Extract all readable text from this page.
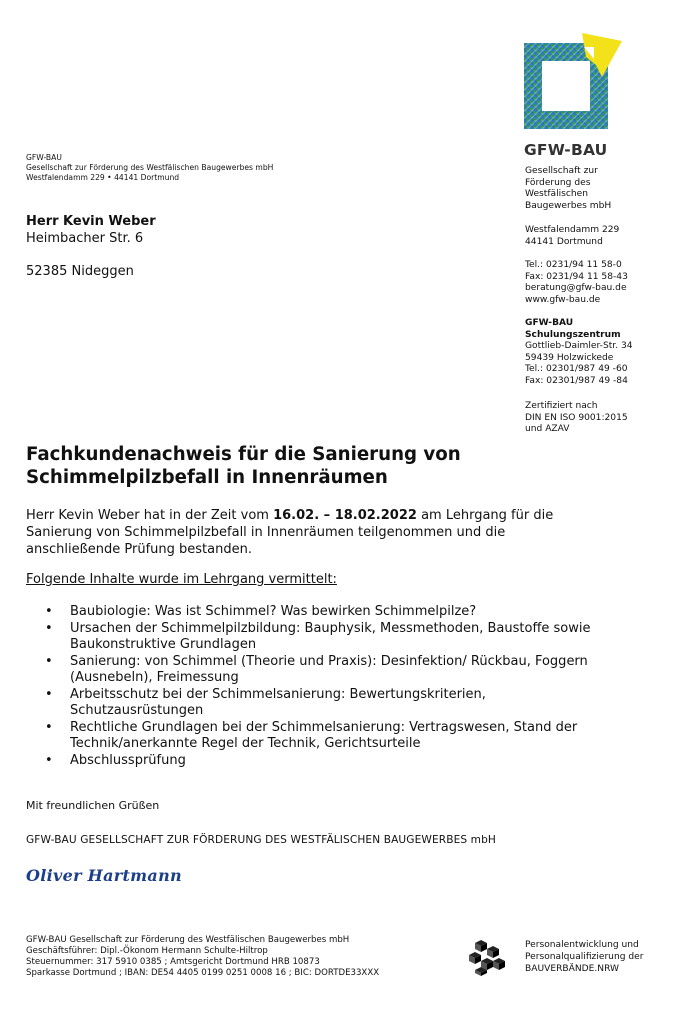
GFW-BAU
Gesellschaft zur Förderung des Westfälischen Baugewerbes mbH
Westfalendamm 229 • 44141 Dortmund
Herr Kevin Weber
Heimbacher Str. 6
52385 Nideggen
GFW-BAU
Gesellschaft zur
Förderung des
Westfälischen
Baugewerbes mbH
Westfalendamm 229
44141 Dortmund
Tel.: 0231/94 11 58-0
Fax: 0231/94 11 58-43
beratung@gfw-bau.de
www.gfw-bau.de
GFW-BAU
Schulungszentrum
Gottlieb-Daimler-Str. 34
59439 Holzwickede
Tel.: 02301/987 49 -60
Fax: 02301/987 49 -84
Zertifiziert nach
DIN EN ISO 9001:2015
und AZAV
Fachkundenachweis für die Sanierung von
Schimmelpilzbefall in Innenräumen
Herr Kevin Weber hat in der Zeit vom 16.02. – 18.02.2022 am Lehrgang für die Sanierung von Schimmelpilzbefall in Innenräumen teilgenommen und die anschließende Prüfung bestanden.
Folgende Inhalte wurde im Lehrgang vermittelt:
• Baubiologie: Was ist Schimmel? Was bewirken Schimmelpilze?
• Ursachen der Schimmelpilzbildung: Bauphysik, Messmethoden, Baustoffe sowie Baukonstruktive Grundlagen
• Sanierung: von Schimmel (Theorie und Praxis): Desinfektion/ Rückbau, Foggern (Ausnebeln), Freimessung
• Arbeitsschutz bei der Schimmelsanierung: Bewertungskriterien, Schutzausrüstungen
• Rechtliche Grundlagen bei der Schimmelsanierung: Vertragswesen, Stand der Technik/anerkannte Regel der Technik, Gerichtsurteile
• Abschlussprüfung
Mit freundlichen Grüßen
GFW-BAU GESELLSCHAFT ZUR FÖRDERUNG DES WESTFÄLISCHEN BAUGEWERBES mbH
Oliver Hartmann
GFW-BAU Gesellschaft zur Förderung des Westfälischen Baugewerbes mbH
Geschäftsführer: Dipl.-Ökonom Hermann Schulte-Hiltrop
Steuernummer: 317 5910 0385 ; Amtsgericht Dortmund HRB 10873
Sparkasse Dortmund ; IBAN: DE54 4405 0199 0251 0008 16 ; BIC: DORTDE33XXX
Personalentwicklung und
Personalqualifizierung der
BAUVERBÄNDE.NRW
